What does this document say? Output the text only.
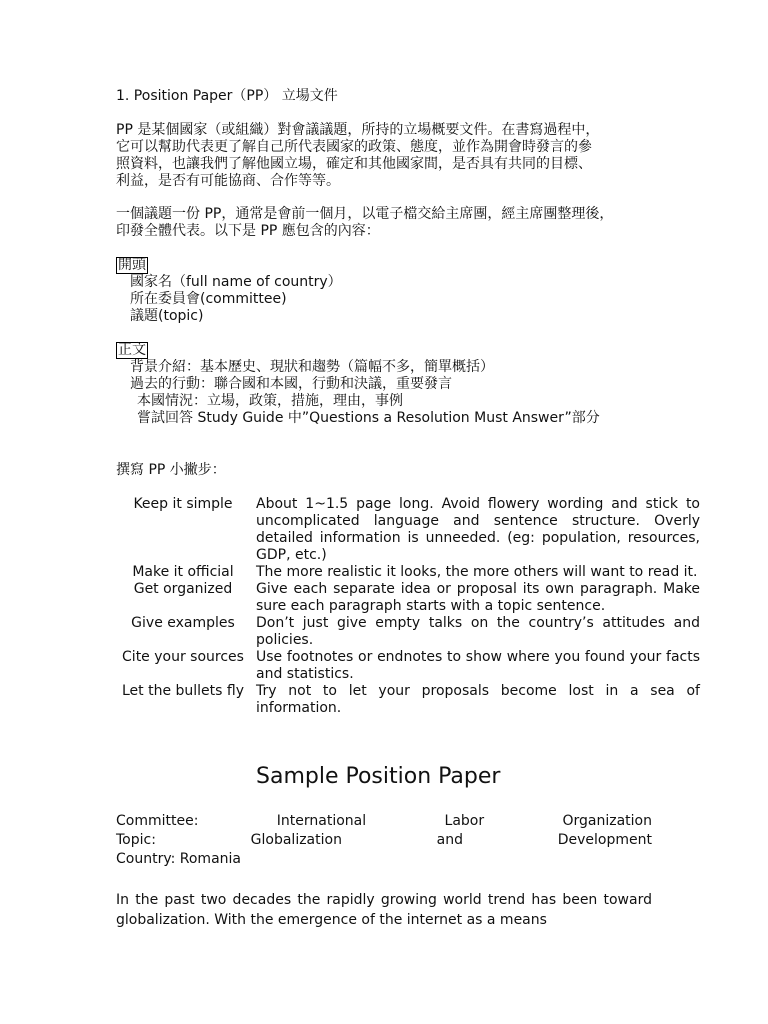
1. Position Paper（PP） 立場文件
PP 是某個國家（或組織）對會議議題，所持的立場概要文件。在書寫過程中，
它可以幫助代表更了解自己所代表國家的政策、態度，並作為開會時發言的參
照資料，也讓我們了解他國立場，確定和其他國家間，是否具有共同的目標、
利益，是否有可能協商、合作等等。
一個議題一份 PP，通常是會前一個月，以電子檔交給主席團，經主席團整理後，
印發全體代表。以下是 PP 應包含的內容：
開頭
國家名（full name of country）
所在委員會(committee)
議題(topic)
正文
背景介紹：基本歷史、現狀和趨勢（篇幅不多，簡單概括）
過去的行動：聯合國和本國，行動和決議，重要發言
本國情況：立場，政策，措施，理由，事例
嘗試回答 Study Guide 中”Questions a Resolution Must Answer”部分
撰寫 PP 小撇步：
Keep it simple	About 1~1.5 page long. Avoid flowery wording and stick to uncomplicated language and sentence structure. Overly detailed information is unneeded. (eg: population, resources, GDP, etc.)
Make it official	The more realistic it looks, the more others will want to read it.
Get organized	Give each separate idea or proposal its own paragraph. Make sure each paragraph starts with a topic sentence.
Give examples	Don’t just give empty talks on the country’s attitudes and policies.
Cite your sources	Use footnotes or endnotes to show where you found your facts and statistics.
Let the bullets fly	Try not to let your proposals become lost in a sea of information.
Sample Position Paper
Committee:	International	Labor	Organization
Topic:	Globalization	and	Development
Country: Romania
In the past two decades the rapidly growing world trend has been toward globalization. With the emergence of the internet as a means
